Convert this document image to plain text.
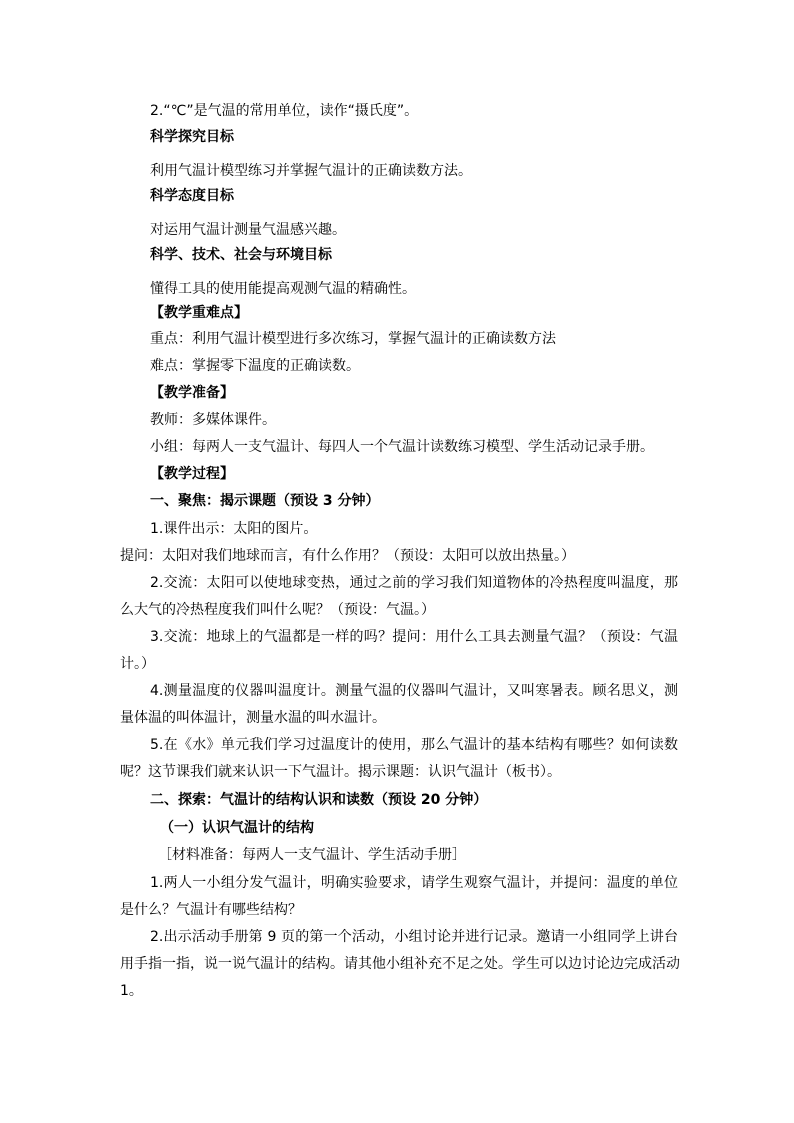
2.“℃”是气温的常用单位，读作“摄氏度”。
科学探究目标
利用气温计模型练习并掌握气温计的正确读数方法。
科学态度目标
对运用气温计测量气温感兴趣。
科学、技术、社会与环境目标
懂得工具的使用能提高观测气温的精确性。
【教学重难点】
重点：利用气温计模型进行多次练习，掌握气温计的正确读数方法
难点：掌握零下温度的正确读数。
【教学准备】
教师：多媒体课件。
小组：每两人一支气温计、每四人一个气温计读数练习模型、学生活动记录手册。
【教学过程】
一、聚焦：揭示课题（预设 3 分钟）
1.课件出示：太阳的图片。
提问：太阳对我们地球而言，有什么作用？（预设：太阳可以放出热量。）
2.交流：太阳可以使地球变热，通过之前的学习我们知道物体的冷热程度叫温度，那
么大气的冷热程度我们叫什么呢？（预设：气温。）
3.交流：地球上的气温都是一样的吗？提问：用什么工具去测量气温？（预设：气温
计。）
4.测量温度的仪器叫温度计。测量气温的仪器叫气温计，又叫寒暑表。顾名思义，测
量体温的叫体温计，测量水温的叫水温计。
5.在《水》单元我们学习过温度计的使用，那么气温计的基本结构有哪些？如何读数
呢？这节课我们就来认识一下气温计。揭示课题：认识气温计（板书）。
二、探索：气温计的结构认识和读数（预设 20 分钟）
（一）认识气温计的结构
［材料准备：每两人一支气温计、学生活动手册］
1.两人一小组分发气温计，明确实验要求，请学生观察气温计，并提问：温度的单位
是什么？气温计有哪些结构？
2.出示活动手册第 9 页的第一个活动，小组讨论并进行记录。邀请一小组同学上讲台
用手指一指，说一说气温计的结构。请其他小组补充不足之处。学生可以边讨论边完成活动
1。
